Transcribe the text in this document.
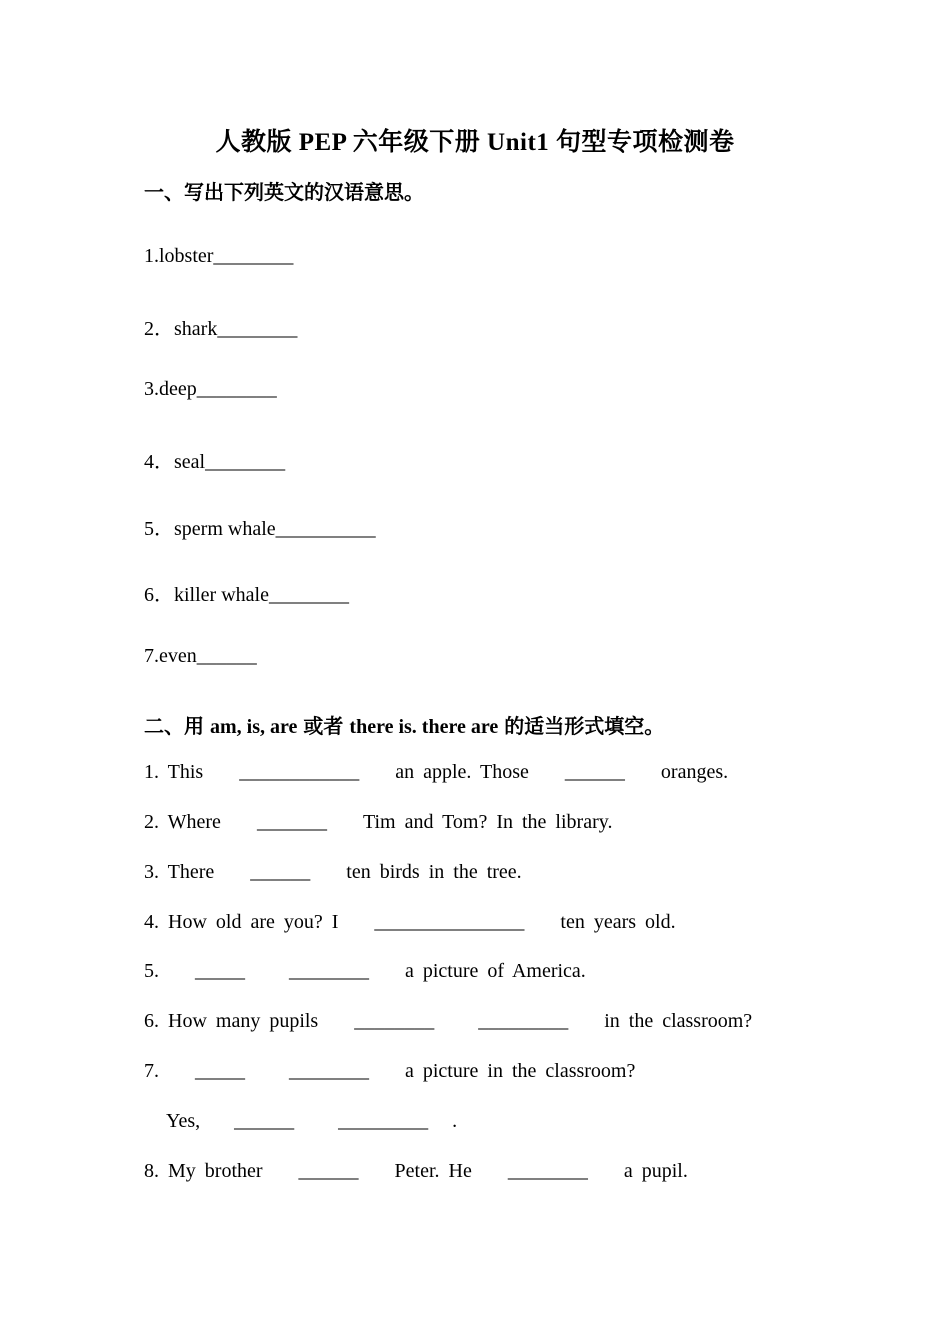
人教版 PEP 六年级下册 Unit1 句型专项检测卷
一、写出下列英文的汉语意思。
1.lobster________
2．shark________
3.deep________
4．seal________
5．sperm whale__________
6．killer whale________
7.even______
二、用 am, is, are 或者 there is. there are 的适当形式填空。
1. This ____________ an apple. Those ______ oranges.
2. Where _______ Tim and Tom? In the library.
3. There ______ ten birds in the tree.
4. How old are you? I _______________ ten years old.
5. _____ ________ a picture of America.
6. How many pupils ________ _________ in the classroom?
7. _____ ________ a picture in the classroom?
Yes, ______ _________ .
8. My brother ______ Peter. He ________ a pupil.
